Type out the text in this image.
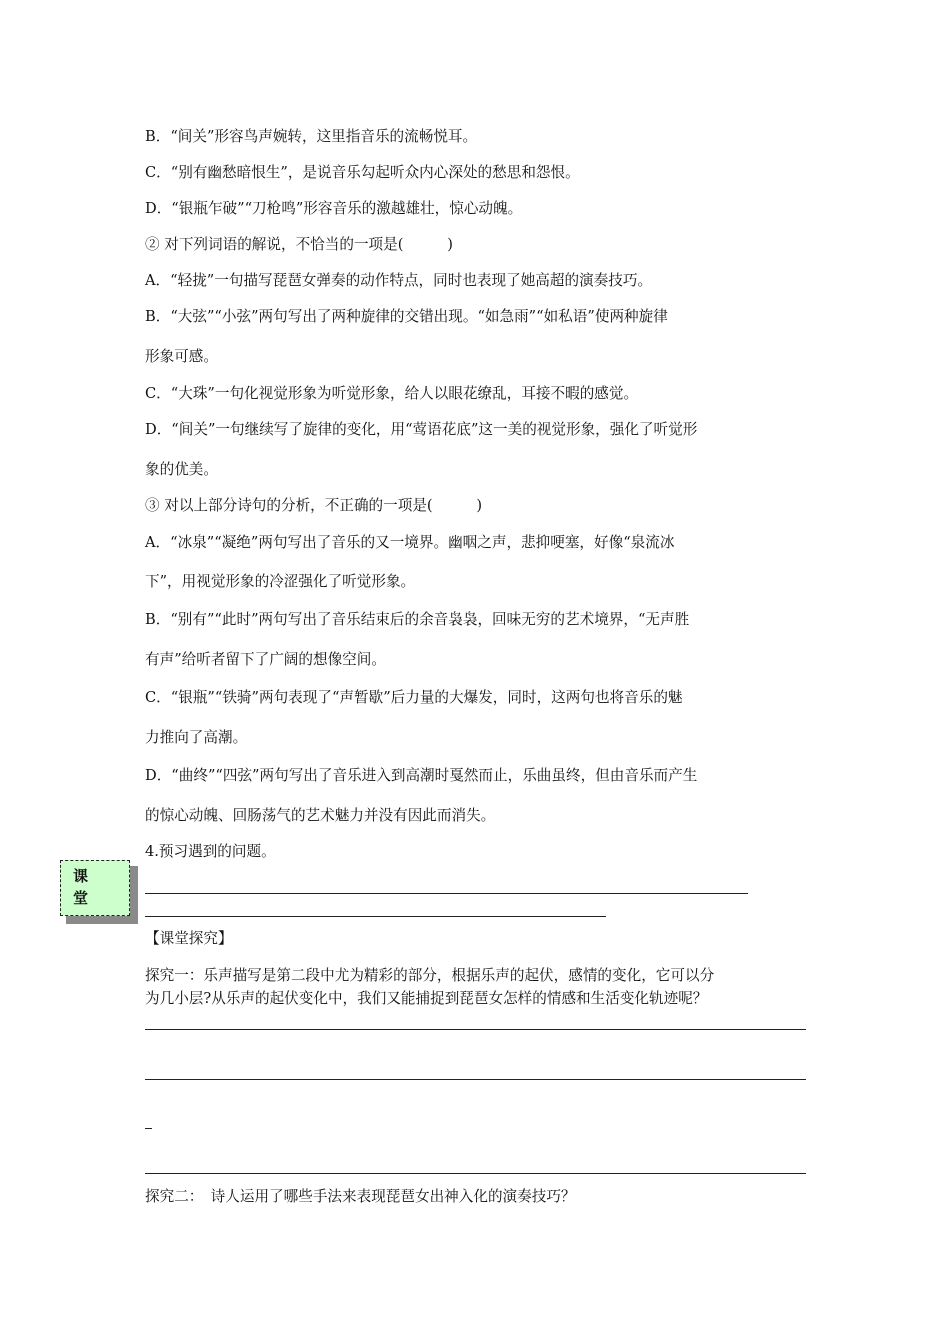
B．“间关”形容鸟声婉转，这里指音乐的流畅悦耳。
C．“别有幽愁暗恨生”，是说音乐勾起听众内心深处的愁思和怨恨。
D．“银瓶乍破”“刀枪鸣”形容音乐的激越雄壮，惊心动魄。
② 对下列词语的解说，不恰当的一项是(　　　)
A．“轻拢”一句描写琵琶女弹奏的动作特点，同时也表现了她高超的演奏技巧。
B．“大弦”“小弦”两句写出了两种旋律的交错出现。“如急雨”“如私语”使两种旋律
形象可感。
C．“大珠”一句化视觉形象为听觉形象，给人以眼花缭乱，耳接不暇的感觉。
D．“间关”一句继续写了旋律的变化，用“莺语花底”这一美的视觉形象，强化了听觉形
象的优美。
③ 对以上部分诗句的分析，不正确的一项是(　　　)
A．“冰泉”“凝绝”两句写出了音乐的又一境界。幽咽之声，悲抑哽塞，好像“泉流冰
下”，用视觉形象的冷涩强化了听觉形象。
B．“别有”“此时”两句写出了音乐结束后的余音袅袅，回味无穷的艺术境界，“无声胜
有声”给听者留下了广阔的想像空间。
C．“银瓶”“铁骑”两句表现了“声暂歇”后力量的大爆发，同时，这两句也将音乐的魅
力推向了高潮。
D．“曲终”“四弦”两句写出了音乐进入到高潮时戛然而止，乐曲虽终，但由音乐而产生
的惊心动魄、回肠荡气的艺术魅力并没有因此而消失。
4.预习遇到的问题。
课
堂
【课堂探究】
探究一：乐声描写是第二段中尤为精彩的部分，根据乐声的起伏，感情的变化，它可以分
为几小层?从乐声的起伏变化中，我们又能捕捉到琵琶女怎样的情感和生活变化轨迹呢？
探究二：　诗人运用了哪些手法来表现琵琶女出神入化的演奏技巧？
